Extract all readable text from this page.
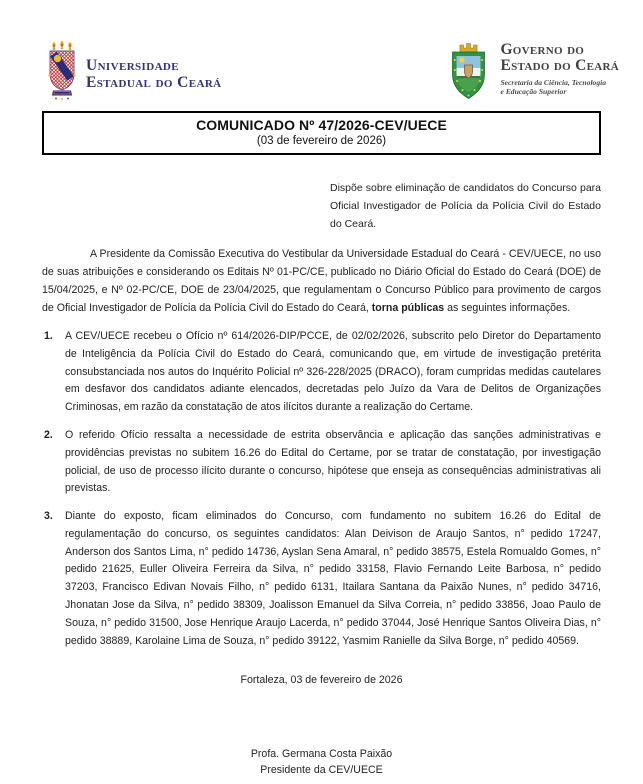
Universidade
Estadual do Ceará
Governo do
Estado do Ceará
Secretaria da Ciência, Tecnologia
e Educação Superior
COMUNICADO Nº 47/2026-CEV/UECE
(03 de fevereiro de 2026)
Dispõe sobre eliminação de candidatos do Concurso para Oficial Investigador de Polícia da Polícia Civil do Estado do Ceará.

A Presidente da Comissão Executiva do Vestibular da Universidade Estadual do Ceará - CEV/UECE, no uso de suas atribuições e considerando os Editais Nº 01-PC/CE, publicado no Diário Oficial do Estado do Ceará (DOE) de 15/04/2025, e Nº 02-PC/CE, DOE de 23/04/2025, que regulamentam o Concurso Público para provimento de cargos de Oficial Investigador de Polícia da Polícia Civil do Estado do Ceará, torna públicas as seguintes informações.

1.	A CEV/UECE recebeu o Ofício nº 614/2026-DIP/PCCE, de 02/02/2026, subscrito pelo Diretor do Departamento de Inteligência da Polícia Civil do Estado do Ceará, comunicando que, em virtude de investigação pretérita consubstanciada nos autos do Inquérito Policial nº 326-228/2025 (DRACO), foram cumpridas medidas cautelares em desfavor dos candidatos adiante elencados, decretadas pelo Juízo da Vara de Delitos de Organizações Criminosas, em razão da constatação de atos ilícitos durante a realização do Certame.
2.	O referido Ofício ressalta a necessidade de estrita observância e aplicação das sanções administrativas e providências previstas no subitem 16.26 do Edital do Certame, por se tratar de constatação, por investigação policial, de uso de processo ilícito durante o concurso, hipótese que enseja as consequências administrativas ali previstas.
3.	Diante do exposto, ficam eliminados do Concurso, com fundamento no subitem 16.26 do Edital de regulamentação do concurso, os seguintes candidatos: Alan Deivison de Araujo Santos, n° pedido 17247, Anderson dos Santos Lima, n° pedido 14736, Ayslan Sena Amaral, n° pedido 38575, Estela Romualdo Gomes, n° pedido 21625, Euller Oliveira Ferreira da Silva, n° pedido 33158, Flavio Fernando Leite Barbosa, n° pedido 37203, Francisco Edivan Novais Filho, n° pedido 6131, Itailara Santana da Paixão Nunes, n° pedido 34716, Jhonatan Jose da Silva, n° pedido 38309, Joalisson Emanuel da Silva Correia, n° pedido 33856, Joao Paulo de Souza, n° pedido 31500, Jose Henrique Araujo Lacerda, n° pedido 37044, José Henrique Santos Oliveira Dias, n° pedido 38889, Karolaine Lima de Souza, n° pedido 39122, Yasmim Ranielle da Silva Borge, n° pedido 40569.
Fortaleza, 03 de fevereiro de 2026
Profa. Germana Costa Paixão
Presidente da CEV/UECE
